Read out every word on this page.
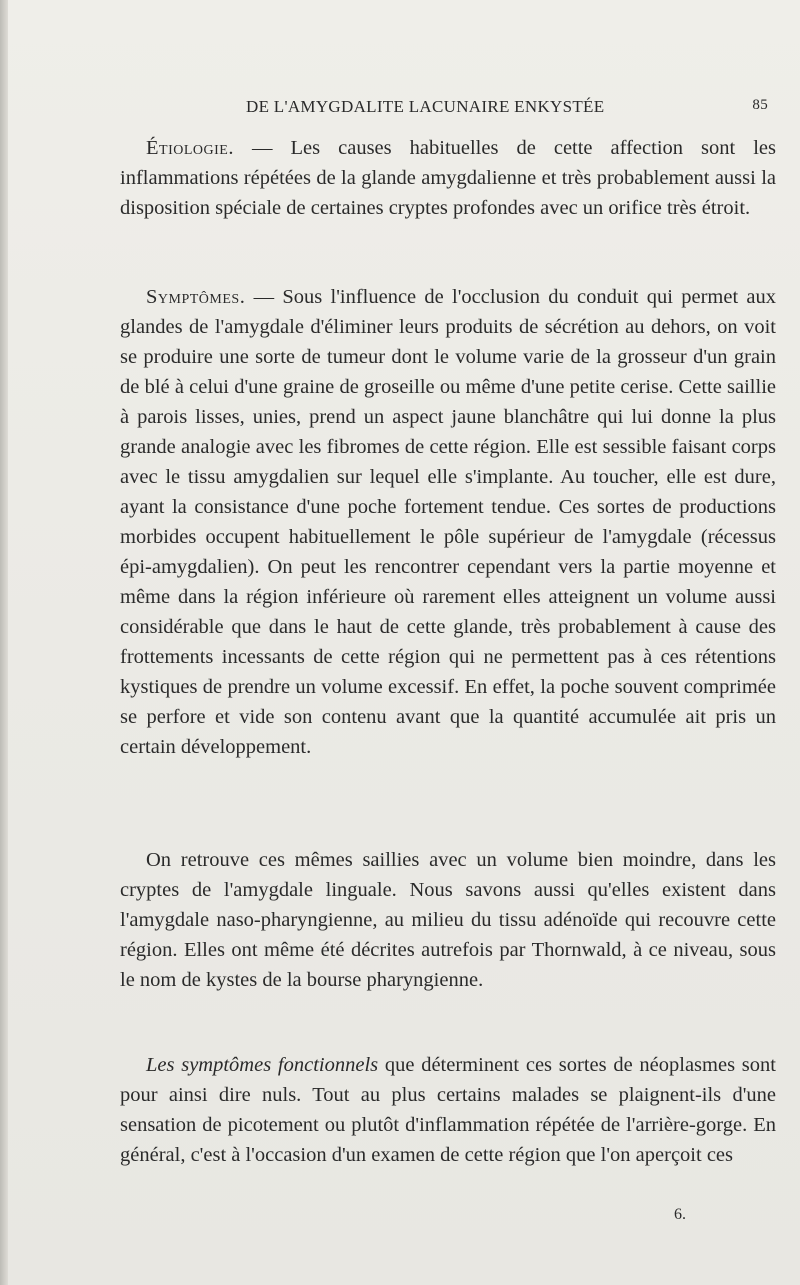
DE L'AMYGDALITE LACUNAIRE ENKYSTÉE	85

Étiologie. — Les causes habituelles de cette affection sont les inflammations répétées de la glande amygdalienne et très probablement aussi la disposition spéciale de certaines cryptes profondes avec un orifice très étroit.

Symptômes. — Sous l'influence de l'occlusion du conduit qui permet aux glandes de l'amygdale d'éliminer leurs produits de sécrétion au dehors, on voit se produire une sorte de tumeur dont le volume varie de la grosseur d'un grain de blé à celui d'une graine de groseille ou même d'une petite cerise. Cette saillie à parois lisses, unies, prend un aspect jaune blanchâtre qui lui donne la plus grande analogie avec les fibromes de cette région. Elle est sessible faisant corps avec le tissu amygdalien sur lequel elle s'implante. Au toucher, elle est dure, ayant la consistance d'une poche fortement tendue. Ces sortes de productions morbides occupent habituellement le pôle supérieur de l'amygdale (récessus épi-amygdalien). On peut les rencontrer cependant vers la partie moyenne et même dans la région inférieure où rarement elles atteignent un volume aussi considérable que dans le haut de cette glande, très probablement à cause des frottements incessants de cette région qui ne permettent pas à ces rétentions kystiques de prendre un volume excessif. En effet, la poche souvent comprimée se perfore et vide son contenu avant que la quantité accumulée ait pris un certain développement.

On retrouve ces mêmes saillies avec un volume bien moindre, dans les cryptes de l'amygdale linguale. Nous savons aussi qu'elles existent dans l'amygdale naso-pharyngienne, au milieu du tissu adénoïde qui recouvre cette région. Elles ont même été décrites autrefois par Thornwald, à ce niveau, sous le nom de kystes de la bourse pharyngienne.

Les symptômes fonctionnels que déterminent ces sortes de néoplasmes sont pour ainsi dire nuls. Tout au plus certains malades se plaignent-ils d'une sensation de picotement ou plutôt d'inflammation répétée de l'arrière-gorge. En général, c'est à l'occasion d'un examen de cette région que l'on aperçoit ces

6.
